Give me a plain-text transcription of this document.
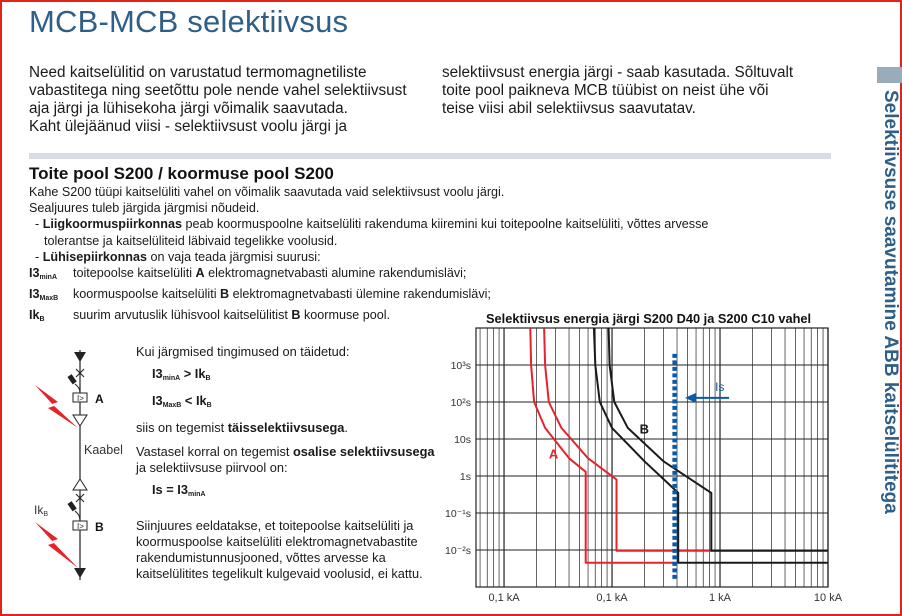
MCB-MCB selektiivsus

Need kaitselülitid on varustatud termomagnetiliste

vabastitega ning seetõttu pole nende vahel selektiivsust

aja järgi ja lühisekoha järgi võimalik saavutada.

Kaht ülejäänud viisi - selektiivsust voolu järgi ja

selektiivsust energia järgi - saab kasutada. Sõltuvalt

toite pool paikneva MCB tüübist on neist ühe või

teise viisi abil selektiivsus saavutatav.	Selektiivsuse saavutamine ABB kaitselülititega
Toite pool S200 / koormuse pool S200
Kahe S200 tüüpi kaitselüliti vahel on võimalik saavutada vaid selektiivsust voolu järgi.
Sealjuures tuleb järgida järgmisi nõudeid.
- Liigkoormuspiirkonnas peab koormuspoolne kaitselüliti rakenduma kiiremini kui toitepoolne kaitselüliti, võttes arvesse
tolerantse ja kaitselüliteid läbivaid tegelikke voolusid.
- Lühisepiirkonnas on vaja teada järgmisi suurusi:
$I3_{minA}$	toitepoolse kaitselüliti A elektromagnetvabasti alumine rakendumislävi;
$I3_{MaxB}$	koormuspoolse kaitselüliti B elektromagnetvabasti ülemine rakendumislävi;
$Ik_B$	suurim arvutuslik lühisvool kaitselülitist B koormuse pool.
I> A
Kaabel
I> B
IkB

Kui järgmised tingimused on täidetud:

$I3_{minA} > Ik_B$
$I3_{MaxB} < Ik_B$

siis on tegemist täisselektiivsusega.

Vastasel korral on tegemist osalise selektiivsusega

ja selektiivsuse piirvool on:

$Is = I3_{minA}$

Siinjuures eeldatakse, et toitepoolse kaitselüliti ja

koormuspoolse kaitselüliti elektromagnetvabastite

rakendumistunnusjooned, võttes arvesse ka

kaitselülitites tegelikult kulgevaid voolusid, ei kattu.

Selektiivsus energia järgi S200 D40 ja S200 C10 vahel
A
B
Is
10³s
10²s
10s
1s
10⁻¹s
10⁻²s
0,1 kA	0,1 kA	1 kA	10 kA
